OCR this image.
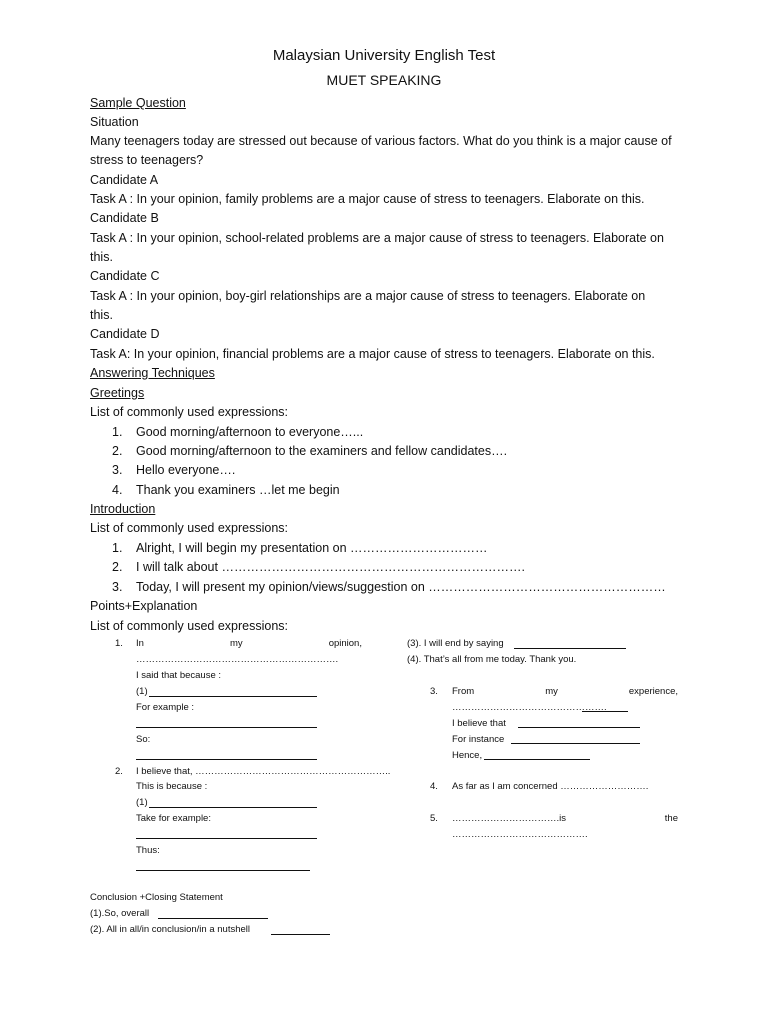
Malaysian University English Test
MUET SPEAKING
Sample Question
Situation
Many teenagers today are stressed out because of various factors. What do you think is a major cause of
stress to teenagers?
Candidate A
Task A : In your opinion, family problems are a major cause of stress to teenagers. Elaborate on this.
Candidate B
Task A : In your opinion, school-related problems are a major cause of stress to teenagers. Elaborate on
this.
Candidate C
Task A : In your opinion, boy-girl relationships are a major cause of stress to teenagers. Elaborate on
this.
Candidate D
Task A: In your opinion, financial problems are a major cause of stress to teenagers. Elaborate on this.
Answering Techniques
Greetings
List of commonly used expressions:
1. Good morning/afternoon to everyone…...
2. Good morning/afternoon to the examiners and fellow candidates….
3. Hello everyone….
4. Thank you examiners …let me begin
Introduction
List of commonly used expressions:
1. Alright, I will begin my presentation on ……………………………
2. I will talk about ……………………………………………………………….
3. Today, I will present my opinion/views/suggestion on …………………………………………………
Points+Explanation
List of commonly used expressions:
1. In	my	opinion,
……………………………………………………….
I said that because :
(1)
For example :
So:
2. I believe that, ……………………………………………………..
This is because :
(1)
Take for example:
Thus:
(3). I will end by saying
(4). That’s all from me today. Thank you.
3. From	my	experience,
………………………………………….
I believe that
For instance
Hence,
4. As far as I am concerned ……………………….
5. …………………………….is	the
…………………………………….
Conclusion +Closing Statement
(1).So, overall
(2). All in all/in conclusion/in a nutshell
